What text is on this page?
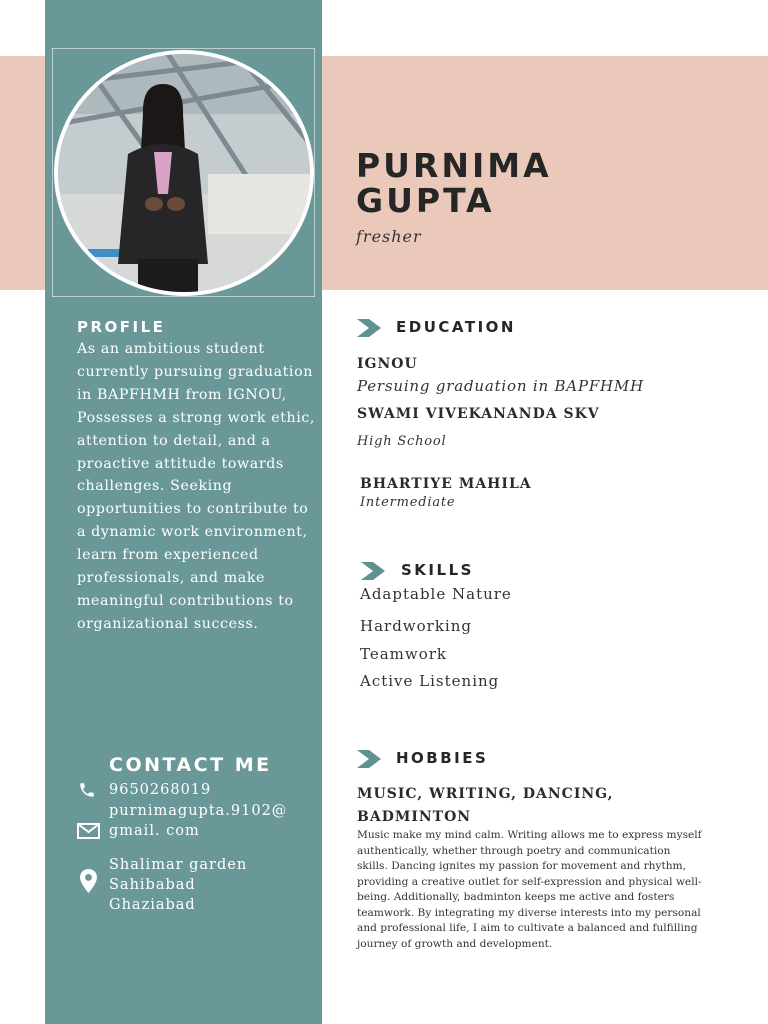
PURNIMA
GUPTA
fresher
PROFILE
As an ambitious student currently pursuing graduation in BAPFHMH from IGNOU, Possesses a strong work ethic, attention to detail, and a proactive attitude towards challenges. Seeking opportunities to contribute to a dynamic work environment, learn from experienced professionals, and make meaningful contributions to organizational success.
CONTACT ME
9650268019
purnimagupta.9102@
gmail. com
Shalimar garden
Sahibabad
Ghaziabad
EDUCATION
IGNOU
Persuing graduation in BAPFHMH
SWAMI VIVEKANANDA SKV
High School
BHARTIYE MAHILA
Intermediate
SKILLS
Adaptable Nature
Hardworking
Teamwork
Active Listening
HOBBIES
MUSIC, WRITING, DANCING, BADMINTON
Music make my mind calm. Writing allows me to express myself authentically, whether through poetry and communication skills. Dancing ignites my passion for movement and rhythm, providing a creative outlet for self-expression and physical well-being. Additionally, badminton keeps me active and fosters teamwork. By integrating my diverse interests into my personal and professional life, I aim to cultivate a balanced and fulfilling journey of growth and development.
